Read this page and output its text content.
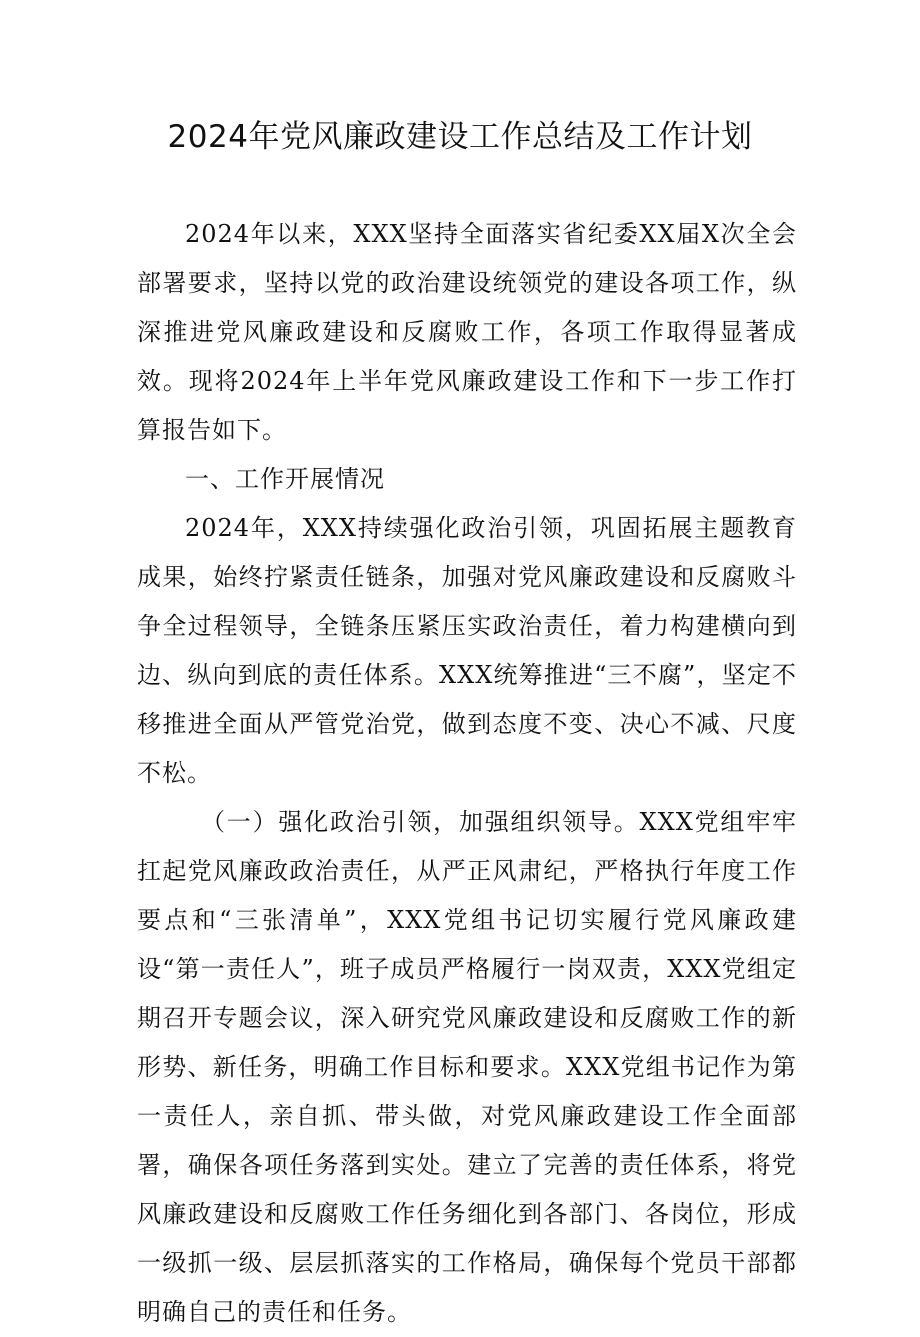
2024年党风廉政建设工作总结及工作计划

2024年以来，XXX坚持全面落实省纪委XX届X次全会部署要求，坚持以党的政治建设统领党的建设各项工作，纵深推进党风廉政建设和反腐败工作，各项工作取得显著成效。现将2024年上半年党风廉政建设工作和下一步工作打算报告如下。

一、工作开展情况

2024年，XXX持续强化政治引领，巩固拓展主题教育成果，始终拧紧责任链条，加强对党风廉政建设和反腐败斗争全过程领导，全链条压紧压实政治责任，着力构建横向到边、纵向到底的责任体系。XXX统筹推进“三不腐”，坚定不移推进全面从严管党治党，做到态度不变、决心不减、尺度不松。

（一）强化政治引领，加强组织领导。XXX党组牢牢扛起党风廉政政治责任，从严正风肃纪，严格执行年度工作要点和“三张清单”，XXX党组书记切实履行党风廉政建设“第一责任人”，班子成员严格履行一岗双责，XXX党组定期召开专题会议，深入研究党风廉政建设和反腐败工作的新形势、新任务，明确工作目标和要求。XXX党组书记作为第一责任人，亲自抓、带头做，对党风廉政建设工作全面部署，确保各项任务落到实处。建立了完善的责任体系，将党风廉政建设和反腐败工作任务细化到各部门、各岗位，形成一级抓一级、层层抓落实的工作格局，确保每个党员干部都明确自己的责任和任务。
